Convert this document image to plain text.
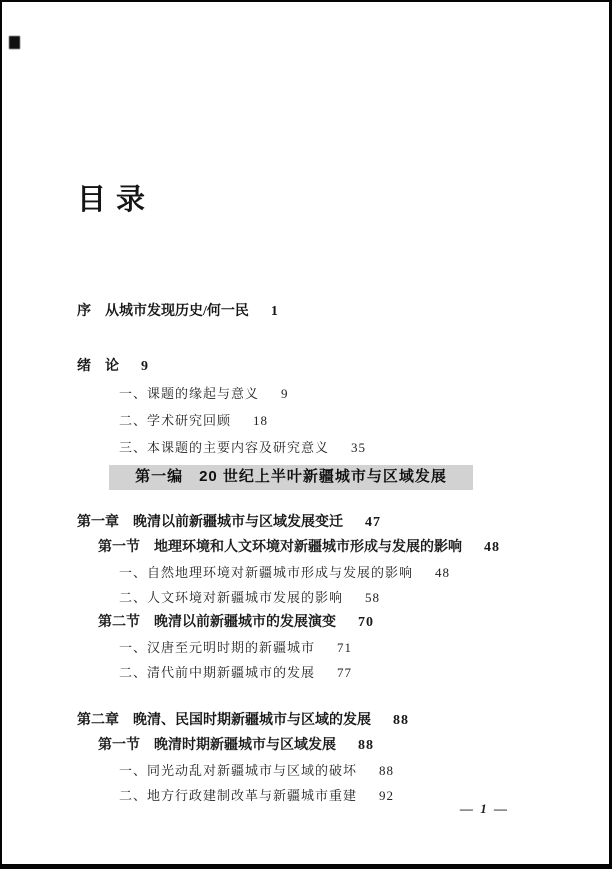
目录
序　从城市发现历史/何一民 1
绪　论 9
一、课题的缘起与意义 9
二、学术研究回顾 18
三、本课题的主要内容及研究意义 35
第一编　20 世纪上半叶新疆城市与区域发展
第一章　晚清以前新疆城市与区域发展变迁 47
第一节　地理环境和人文环境对新疆城市形成与发展的影响 48
一、自然地理环境对新疆城市形成与发展的影响 48
二、人文环境对新疆城市发展的影响 58
第二节　晚清以前新疆城市的发展演变 70
一、汉唐至元明时期的新疆城市 71
二、清代前中期新疆城市的发展 77
第二章　晚清、民国时期新疆城市与区域的发展 88
第一节　晚清时期新疆城市与区域发展 88
一、同光动乱对新疆城市与区域的破坏 88
二、地方行政建制改革与新疆城市重建 92
— 1 —
